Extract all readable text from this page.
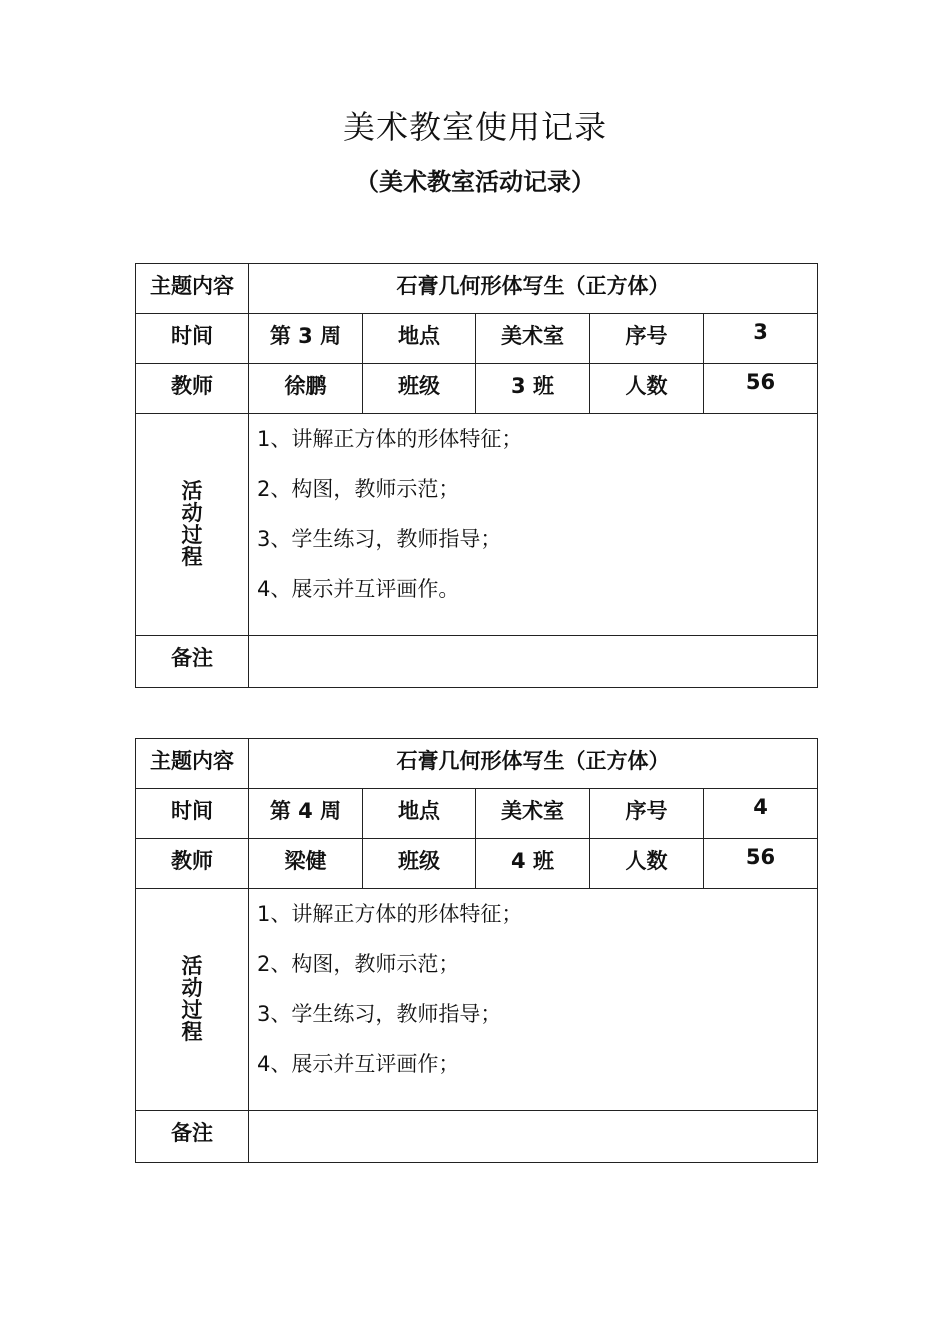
美术教室使用记录
（美术教室活动记录）
主题内容	石膏几何形体写生（正方体）				

时间	第 3 周	地点	美术室	序号	3

教师	徐鹏	班级	3 班	人数	56

活动过程	1、讲解正方体的形体特征；
2、构图，教师示范；
3、学生练习，教师指导；
4、展示并互评画作。				

备注					

主题内容	石膏几何形体写生（正方体）				

时间	第 4 周	地点	美术室	序号	4

教师	梁健	班级	4 班	人数	56

活动过程	1、讲解正方体的形体特征；
2、构图，教师示范；
3、学生练习，教师指导；
4、展示并互评画作；				

备注					
